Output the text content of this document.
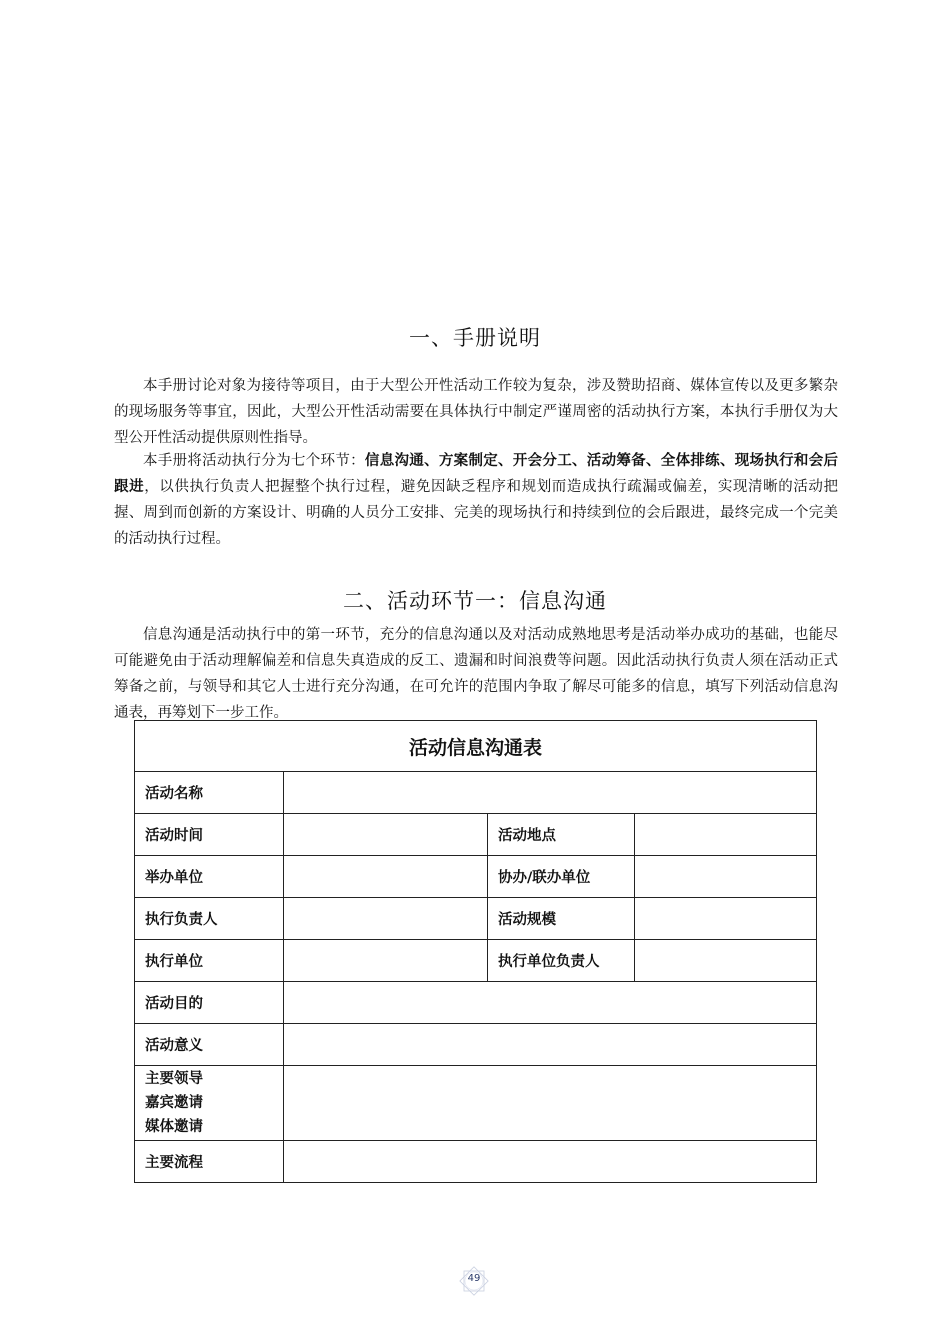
一、手册说明

本手册讨论对象为接待等项目，由于大型公开性活动工作较为复杂，涉及赞助招商、媒体宣传以及更多繁杂的现场服务等事宜，因此，大型公开性活动需要在具体执行中制定严谨周密的活动执行方案，本执行手册仅为大型公开性活动提供原则性指导。

本手册将活动执行分为七个环节：信息沟通、方案制定、开会分工、活动筹备、全体排练、现场执行和会后跟进，以供执行负责人把握整个执行过程，避免因缺乏程序和规划而造成执行疏漏或偏差，实现清晰的活动把握、周到而创新的方案设计、明确的人员分工安排、完美的现场执行和持续到位的会后跟进，最终完成一个完美的活动执行过程。

二、活动环节一：信息沟通

信息沟通是活动执行中的第一环节，充分的信息沟通以及对活动成熟地思考是活动举办成功的基础，也能尽可能避免由于活动理解偏差和信息失真造成的反工、遗漏和时间浪费等问题。因此活动执行负责人须在活动正式筹备之前，与领导和其它人士进行充分沟通，在可允许的范围内争取了解尽可能多的信息，填写下列活动信息沟通表，再筹划下一步工作。

活动信息沟通表			
活动名称			
活动时间		活动地点	
举办单位		协办/联办单位	
执行负责人		活动规模	
执行单位		执行单位负责人	
活动目的			
活动意义			

主要领导
嘉宾邀请
媒体邀请			

主要流程			
49
